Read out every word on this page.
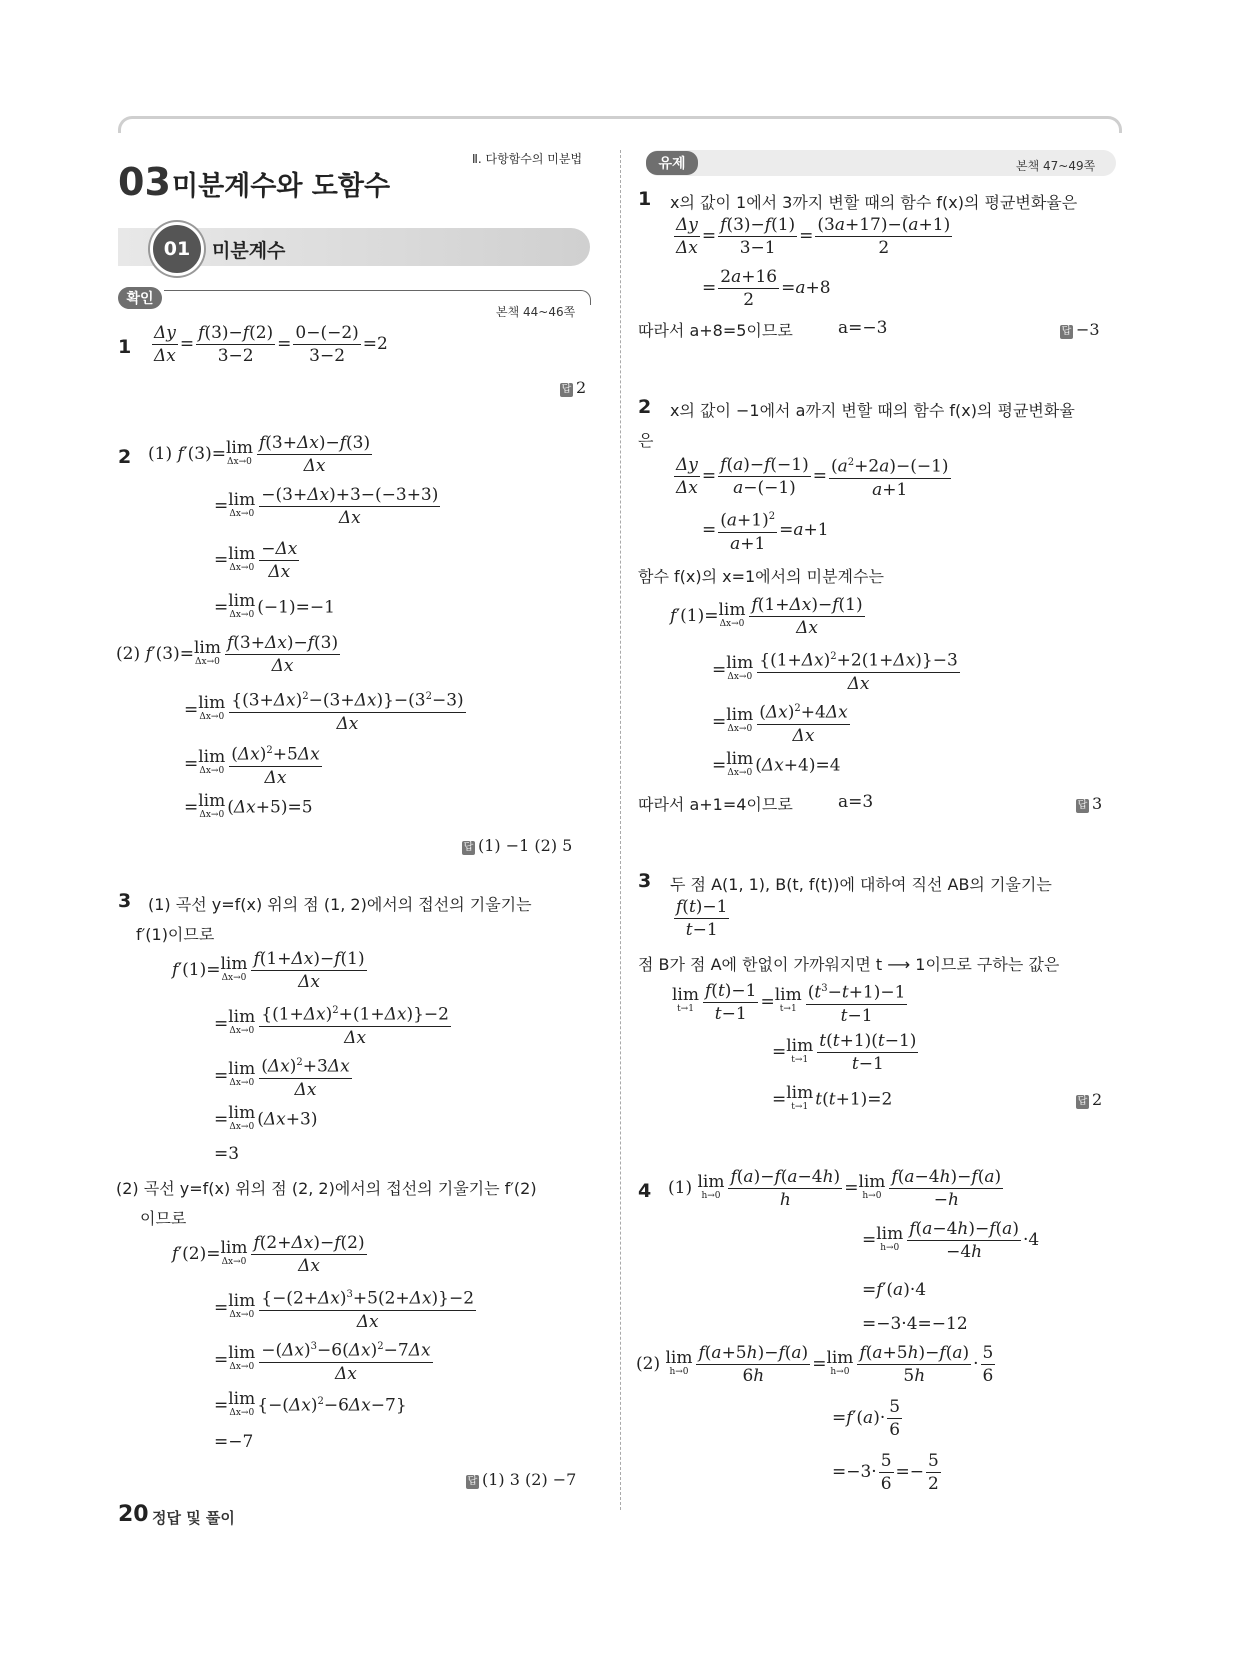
03 미분계수와 도함수
Ⅱ. 다항함수의 미분법
01	미분계수
확인
본책 44~46쪽
유제	본책 47~49쪽
$1 \frac{\Delta y}{\Delta x} = \frac{f(3)-f(2)}{3-2} = \frac{0-(-2)}{3-2} =2$
답 2
2 (1) f′(3)= lim
$\Delta x\to 0 \frac{f(3+\Delta x)-f(3)}{\Delta x}$
= lim
$\Delta x\to 0 \frac{-(3+\Delta x)+3-(-3+3)}{\Delta x}$
= lim
$\Delta x\to 0 \frac{-\Delta x}{\Delta x}$
= lim
Δx→0 (−1)=−1
(2) f′(3)= lim
$\Delta x\to 0 \frac{f(3+\Delta x)-f(3)}{\Delta x}$
= lim
$\Delta x\to 0 \frac{\{(3+\Delta x)^2-(3+\Delta x)\}-(3^2-3)}{\Delta x}$
= lim
$\Delta x\to 0 \frac{(\Delta x)^2+5\Delta x}{\Delta x}$
= lim
Δx→0 (Δx+5)=5
답 (1) −1 (2) 5
3 (1) 곡선 y=f(x) 위의 점 (1, 2)에서의 접선의 기울기는
f′(1)이므로
f′(1)= lim
$\Delta x\to 0 \frac{f(1+\Delta x)-f(1)}{\Delta x}$
= lim
$\Delta x\to 0 \frac{\{(1+\Delta x)^2+(1+\Delta x)\}-2}{\Delta x}$
= lim
$\Delta x\to 0 \frac{(\Delta x)^2+3\Delta x}{\Delta x}$
= lim
Δx→0 (Δx+3)
=3
(2) 곡선 y=f(x) 위의 점 (2, 2)에서의 접선의 기울기는 f′(2)
이므로
f′(2)= lim
$\Delta x\to 0 \frac{f(2+\Delta x)-f(2)}{\Delta x}$
= lim
$\Delta x\to 0 \frac{\{-(2+\Delta x)^3+5(2+\Delta x)\}-2}{\Delta x}$
= lim
$\Delta x\to 0 \frac{-(\Delta x)^3-6(\Delta x)^2-7\Delta x}{\Delta x}$
= lim
Δx→0 $\{-(\Delta x)^2-6\Delta x-7\}$
=−7
답 (1) 3 (2) −7
1 x의 값이 1에서 3까지 변할 때의 함수 f(x)의 평균변화율은
$\frac{\Delta y}{\Delta x} = \frac{f(3)-f(1)}{3-1} = \frac{(3a+17)-(a+1)}{2}$
= $\frac{2a+16}{2} =a+8$
따라서 a+8=5이므로	a=−3	답 −3
2 x의 값이 −1에서 a까지 변할 때의 함수 f(x)의 평균변화율
은
$\frac{\Delta y}{\Delta x} = \frac{f(a)-f(-1)}{a-(-1)} = \frac{(a^2+2a)-(-1)}{a+1}$
= $\frac{(a+1)^2}{a+1} =a+1$
함수 f(x)의 x=1에서의 미분계수는
f′(1)= lim
$\Delta x\to 0 \frac{f(1+\Delta x)-f(1)}{\Delta x}$
= lim
$\Delta x\to 0 \frac{\{(1+\Delta x)^2+2(1+\Delta x)\}-3}{\Delta x}$
= lim
$\Delta x\to 0 \frac{(\Delta x)^2+4\Delta x}{\Delta x}$
= lim
Δx→0 (Δx+4)=4
따라서 a+1=4이므로	a=3	답 3
3 두 점 A(1, 1), B(t, f(t))에 대하여 직선 AB의 기울기는
$\frac{f(t)-1}{t-1}$
점 B가 점 A에 한없이 가까워지면 t ⟶ 1이므로 구하는 값은
lim
$t\to 1 \frac{f(t)-1}{t-1} = \lim$
$t\to 1 \frac{(t^3-t+1)-1}{t-1}$
= lim
$t\to 1 \frac{t(t+1)(t-1)}{t-1}$
= lim
t→1 t(t+1)=2	답 2
4 (1) lim
$h\to 0 \frac{f(a)-f(a-4h)}{h} = \lim$
$h\to 0 \frac{f(a-4h)-f(a)}{-h}$
= lim
$h\to 0 \frac{f(a-4h)-f(a)}{-4h} \cdot 4$
=f′(a)·4
=−3·4=−12
(2) lim
$h\to 0 \frac{f(a+5h)-f(a)}{6h} = \lim$
$h\to 0 \frac{f(a+5h)-f(a)}{5h} \cdot \frac{5}{6}$
$=f'(a)\cdot \frac{5}{6}$
$=-3\cdot \frac{5}{6} =- \frac{5}{2}$
20 정답 및 풀이
